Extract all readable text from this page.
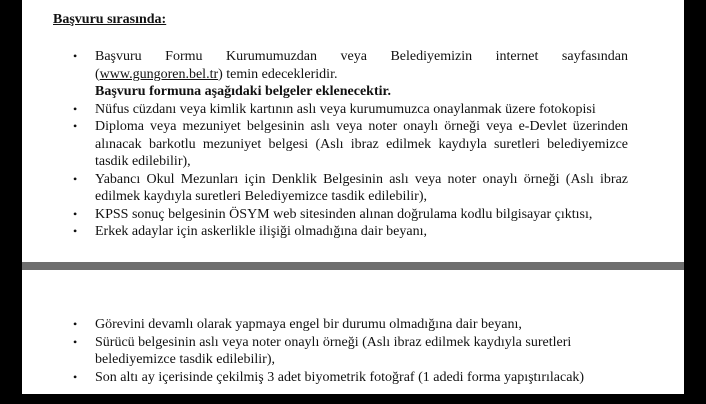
Başvuru sırasında:
• Başvuru Formu Kurumumuzdan veya Belediyemizin internet sayfasından (www.gungoren.bel.tr) temin edecekleridir.
Başvuru formuna aşağıdaki belgeler eklenecektir.
• Nüfus cüzdanı veya kimlik kartının aslı veya kurumumuzca onaylanmak üzere fotokopisi
• Diploma veya mezuniyet belgesinin aslı veya noter onaylı örneği veya e-Devlet üzerinden alınacak barkotlu mezuniyet belgesi (Aslı ibraz edilmek kaydıyla suretleri belediyemizce tasdik edilebilir),
• Yabancı Okul Mezunları için Denklik Belgesinin aslı veya noter onaylı örneği (Aslı ibraz edilmek kaydıyla suretleri Belediyemizce tasdik edilebilir),
• KPSS sonuç belgesinin ÖSYM web sitesinden alınan doğrulama kodlu bilgisayar çıktısı,
• Erkek adaylar için askerlikle ilişiği olmadığına dair beyanı,
• Görevini devamlı olarak yapmaya engel bir durumu olmadığına dair beyanı,
• Sürücü belgesinin aslı veya noter onaylı örneği (Aslı ibraz edilmek kaydıyla suretleri belediyemizce tasdik edilebilir),
• Son altı ay içerisinde çekilmiş 3 adet biyometrik fotoğraf (1 adedi forma yapıştırılacak)
